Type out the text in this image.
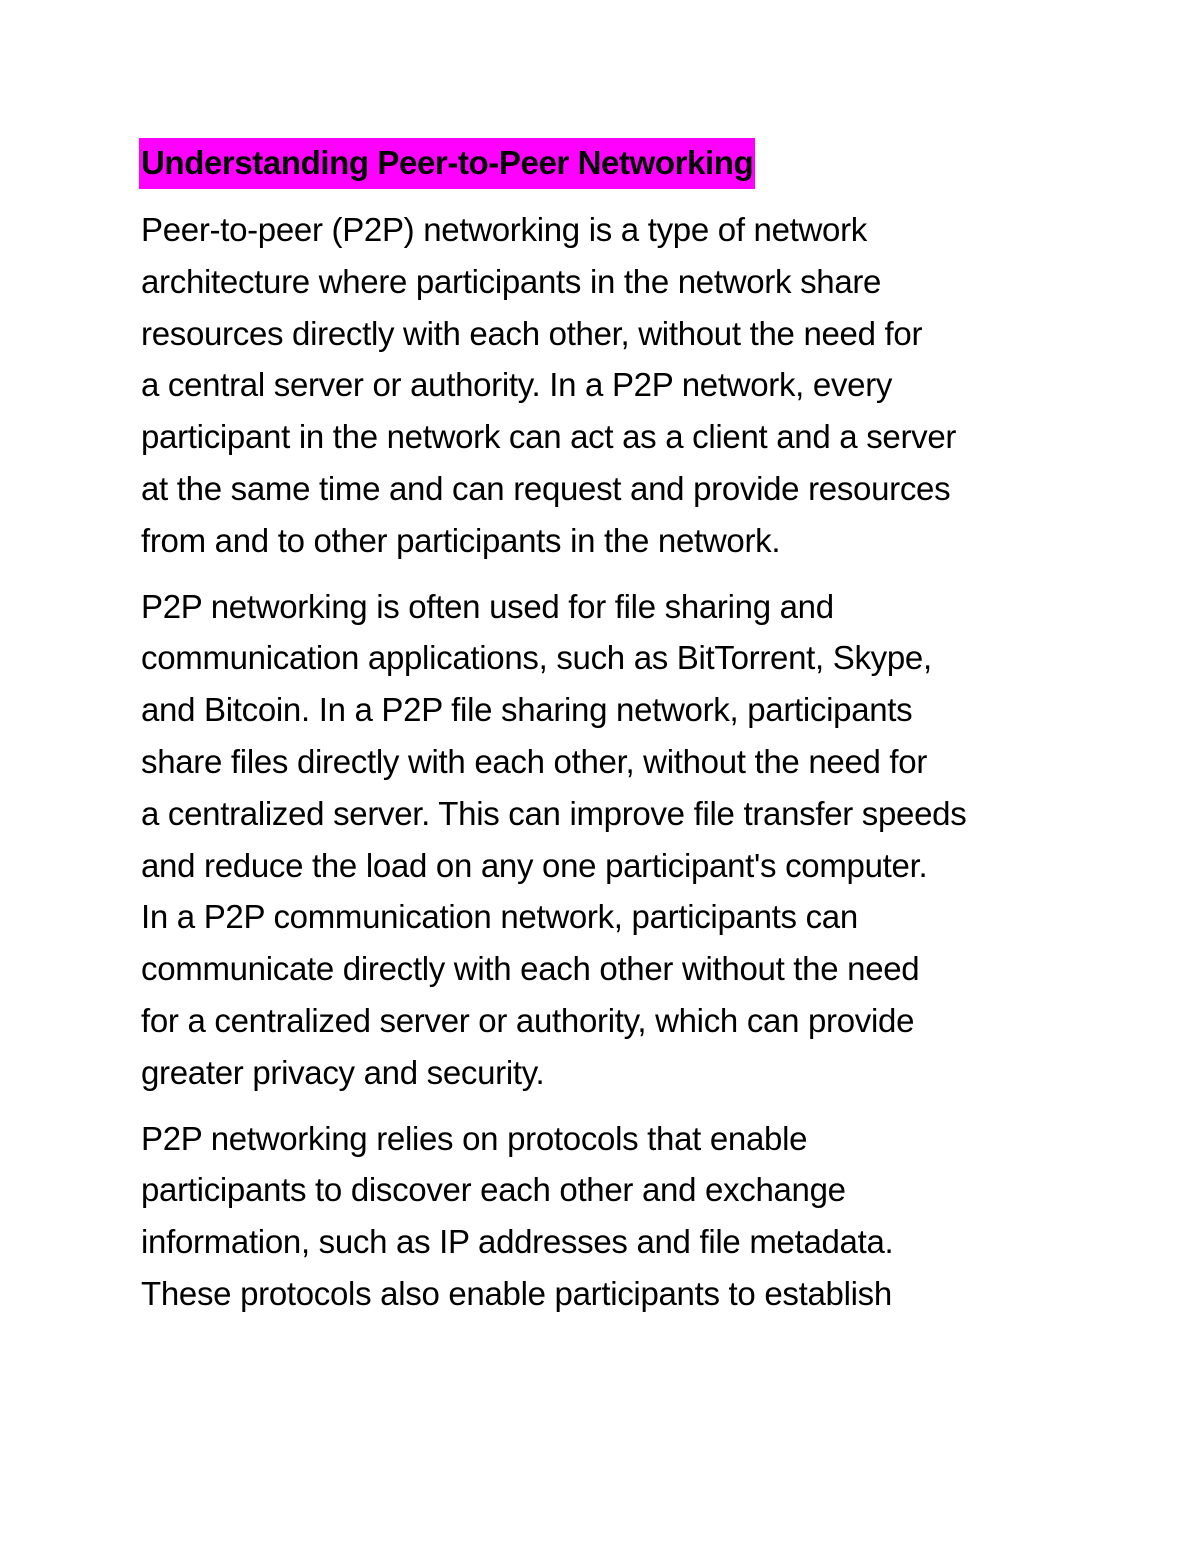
Understanding Peer-to-Peer Networking
Peer-to-peer (P2P) networking is a type of network
architecture where participants in the network share
resources directly with each other, without the need for
a central server or authority. In a P2P network, every
participant in the network can act as a client and a server
at the same time and can request and provide resources
from and to other participants in the network.
P2P networking is often used for file sharing and
communication applications, such as BitTorrent, Skype,
and Bitcoin. In a P2P file sharing network, participants
share files directly with each other, without the need for
a centralized server. This can improve file transfer speeds
and reduce the load on any one participant's computer.
In a P2P communication network, participants can
communicate directly with each other without the need
for a centralized server or authority, which can provide
greater privacy and security.
P2P networking relies on protocols that enable
participants to discover each other and exchange
information, such as IP addresses and file metadata.
These protocols also enable participants to establish
